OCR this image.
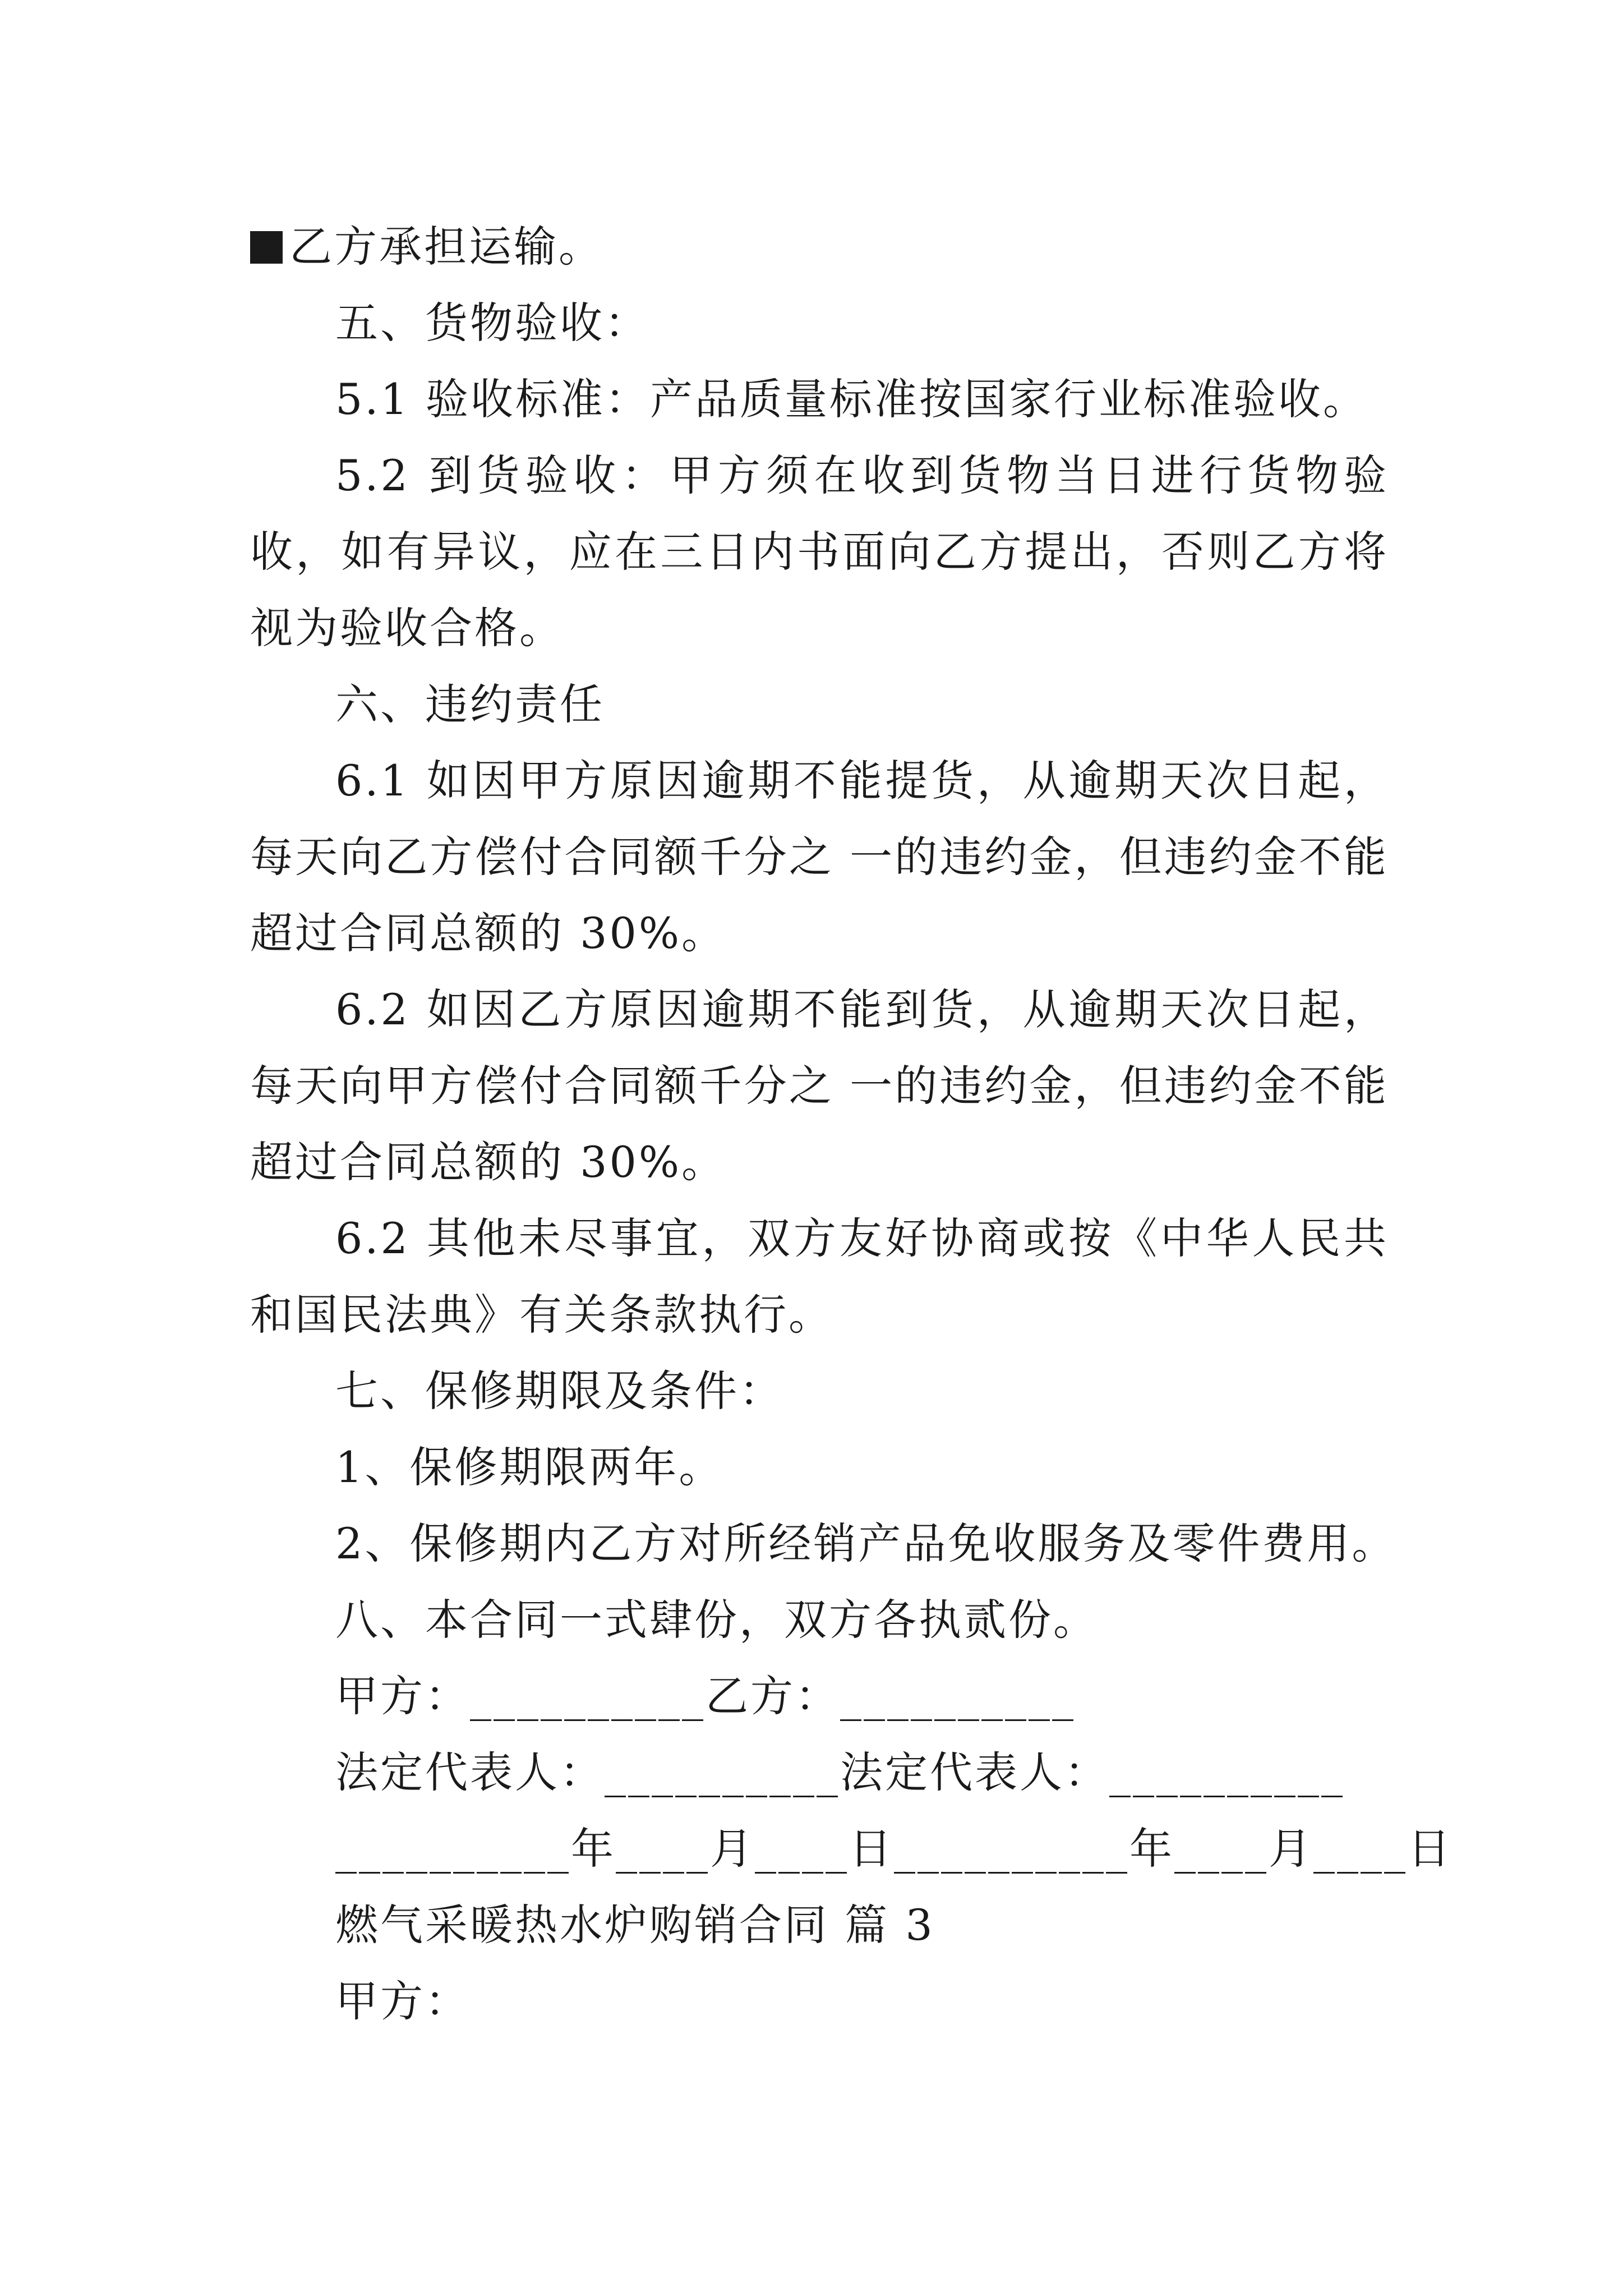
乙方承担运输。
五、货物验收：
5.1 验收标准：产品质量标准按国家行业标准验收。
5.2 到货验收：甲方须在收到货物当日进行货物验收，如有异议，应在三日内书面向乙方提出，否则乙方将视为验收合格。
六、违约责任
6.1 如因甲方原因逾期不能提货，从逾期天次日起，每天向乙方偿付合同额千分之 一的违约金，但违约金不能超过合同总额的 30%。
6.2 如因乙方原因逾期不能到货，从逾期天次日起，每天向甲方偿付合同额千分之 一的违约金，但违约金不能超过合同总额的 30%。
6.2 其他未尽事宜，双方友好协商或按《中华人民共和国民法典》有关条款执行。
七、保修期限及条件：
1、保修期限两年。
2、保修期内乙方对所经销产品免收服务及零件费用。
八、本合同一式肆份，双方各执贰份。
甲方：__________乙方：__________
法定代表人：__________法定代表人：__________
__________年____月____日__________年____月____日
燃气采暖热水炉购销合同 篇 3
甲方：
